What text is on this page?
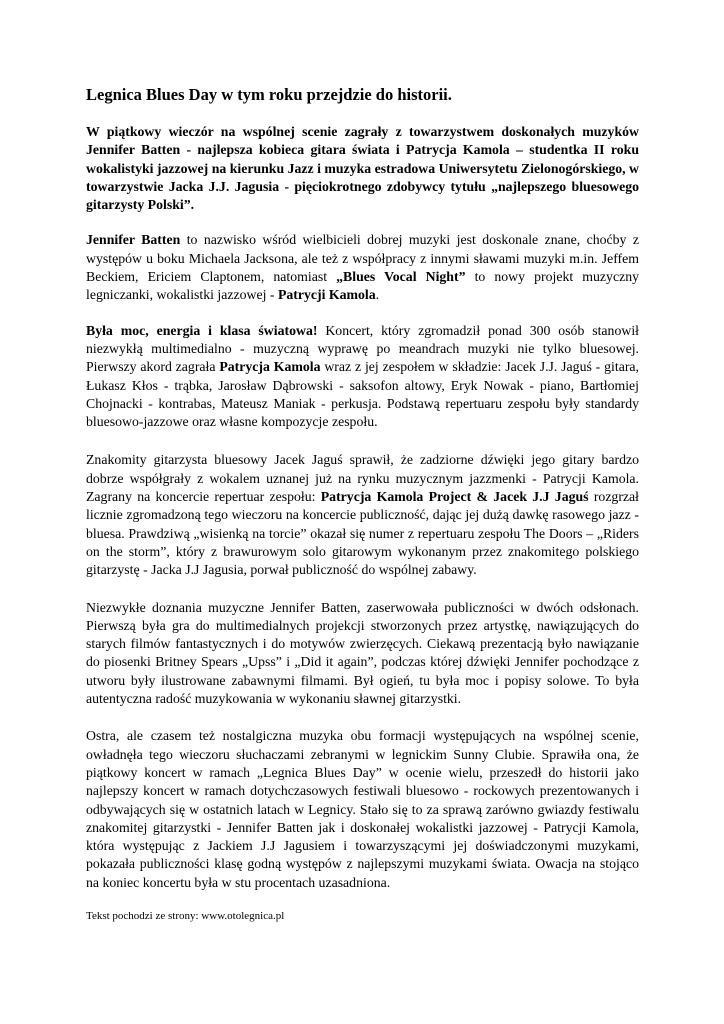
Legnica Blues Day w tym roku przejdzie do historii.

W piątkowy wieczór na wspólnej scenie zagrały z towarzystwem doskonałych muzyków Jennifer Batten - najlepsza kobieca gitara świata i Patrycja Kamola – studentka II roku wokalistyki jazzowej na kierunku Jazz i muzyka estradowa Uniwersytetu Zielonogórskiego, w towarzystwie Jacka J.J. Jagusia - pięciokrotnego zdobywcy tytułu „najlepszego bluesowego gitarzysty Polski”.

Jennifer Batten to nazwisko wśród wielbicieli dobrej muzyki jest doskonale znane, choćby z występów u boku Michaela Jacksona, ale też z współpracy z innymi sławami muzyki m.in. Jeffem Beckiem, Ericiem Claptonem, natomiast „Blues Vocal Night” to nowy projekt muzyczny legniczanki, wokalistki jazzowej - Patrycji Kamola.

Była moc, energia i klasa światowa! Koncert, który zgromadził ponad 300 osób stanowił niezwykłą multimedialno - muzyczną wyprawę po meandrach muzyki nie tylko bluesowej. Pierwszy akord zagrała Patrycja Kamola wraz z jej zespołem w składzie: Jacek J.J. Jaguś - gitara, Łukasz Kłos - trąbka, Jarosław Dąbrowski - saksofon altowy, Eryk Nowak - piano, Bartłomiej Chojnacki - kontrabas, Mateusz Maniak - perkusja. Podstawą repertuaru zespołu były standardy bluesowo-jazzowe oraz własne kompozycje zespołu.

Znakomity gitarzysta bluesowy Jacek Jaguś sprawił, że zadziorne dźwięki jego gitary bardzo dobrze współgrały z wokalem uznanej już na rynku muzycznym jazzmenki - Patrycji Kamola. Zagrany na koncercie repertuar zespołu: Patrycja Kamola Project & Jacek J.J Jaguś rozgrzał licznie zgromadzoną tego wieczoru na koncercie publiczność, dając jej dużą dawkę rasowego jazz - bluesa. Prawdziwą „wisienką na torcie” okazał się numer z repertuaru zespołu The Doors – „Riders on the storm”, który z brawurowym solo gitarowym wykonanym przez znakomitego polskiego gitarzystę - Jacka J.J Jagusia, porwał publiczność do wspólnej zabawy.

Niezwykłe doznania muzyczne Jennifer Batten, zaserwowała publiczności w dwóch odsłonach. Pierwszą była gra do multimedialnych projekcji stworzonych przez artystkę, nawiązujących do starych filmów fantastycznych i do motywów zwierzęcych. Ciekawą prezentacją było nawiązanie do piosenki Britney Spears „Upss” i „Did it again”, podczas której dźwięki Jennifer pochodzące z utworu były ilustrowane zabawnymi filmami. Był ogień, tu była moc i popisy solowe. To była autentyczna radość muzykowania w wykonaniu sławnej gitarzystki.

Ostra, ale czasem też nostalgiczna muzyka obu formacji występujących na wspólnej scenie, owładnęła tego wieczoru słuchaczami zebranymi w legnickim Sunny Clubie. Sprawiła ona, że piątkowy koncert w ramach „Legnica Blues Day” w ocenie wielu, przeszedł do historii jako najlepszy koncert w ramach dotychczasowych festiwali bluesowo - rockowych prezentowanych i odbywających się w ostatnich latach w Legnicy. Stało się to za sprawą zarówno gwiazdy festiwalu znakomitej gitarzystki - Jennifer Batten jak i doskonałej wokalistki jazzowej - Patrycji Kamola, która występując z Jackiem J.J Jagusiem i towarzyszącymi jej doświadczonymi muzykami, pokazała publiczności klasę godną występów z najlepszymi muzykami świata. Owacja na stojąco na koniec koncertu była w stu procentach uzasadniona.

Tekst pochodzi ze strony: www.otolegnica.pl
